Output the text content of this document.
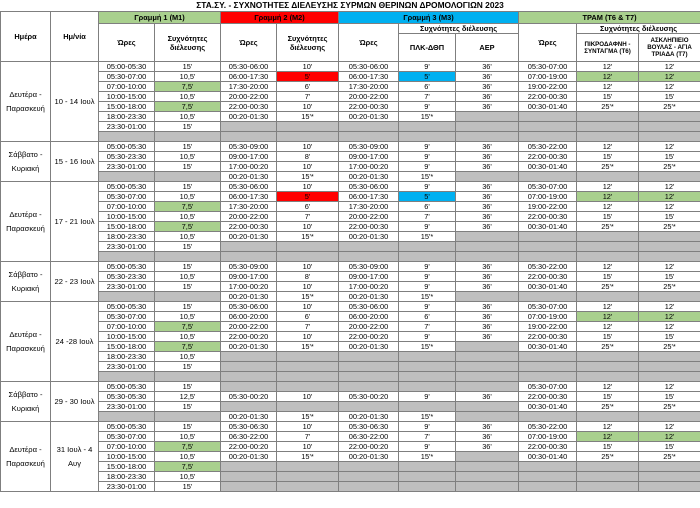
ΣΤΑ.ΣΥ. - ΣΥΧΝΟΤΗΤΕΣ ΔΙΕΛΕΥΣΗΣ ΣΥΡΜΩΝ ΘΕΡΙΝΩΝ ΔΡΟΜΟΛΟΓΙΩΝ 2023
Ημέρα	Ημ/νία	Γραμμή 1 (Μ1)		Γραμμή 2 (Μ2)		Γραμμή 3 (Μ3)			ΤΡΑΜ (Τ6 & Τ7)		
		Ώρες	Συχνότητες διέλευσης	Ώρες	Συχνότητες διέλευσης	Ώρες	Συχνότητες διέλευσης		Ώρες	Συχνότητες διέλευσης	
							ΠΛΚ-ΔΘΠ	ΑΕΡ		ΠΙΚΡΟΔΑΦΝΗ - ΣΥΝΤΑΓΜΑ (Τ6)	ΑΣΚΛΗΠΙΕΙΟ ΒΟΥΛΑΣ - ΑΓΙΑ ΤΡΙΑΔΑ (Τ7)
Δευτέρα - Παρασκευή	10 - 14 Ιουλ	05:00-05:30	15'	05:30-06:00	10'	05:30-06:00	9'	36'	05:30-07:00	12'	12'
		05:30-07:00	10,5'	06:00-17:30	5'	06:00-17:30	5'	36'	07:00-19:00	12'	12'
		07:00-10:00	7,5'	17:30-20:00	6'	17:30-20:00	6'	36'	19:00-22:00	12'	12'
		10:00-15:00	10,5'	20:00-22:00	7'	20:00-22:00	7'	36'	22:00-00:30	15'	15'
		15:00-18:00	7,5'	22:00-00:30	10'	22:00-00:30	9'	36'	00:30-01:40	25'*	25'*
		18:00-23:30	10,5'	00:20-01:30	15'*	00:20-01:30	15'*				
		23:30-01:00	15'								

Σάββατο - Κυριακή	15 - 16 Ιουλ	05:00-05:30	15'	05:30-09:00	10'	05:30-09:00	9'	36'	05:30-22:00	12'	12'
		05:30-23:30	10,5'	09:00-17:00	8'	09:00-17:00	9'	36'	22:00-00:30	15'	15'
		23:30-01:00	15'	17:00-00:20	10'	17:00-00:20	9'	36'	00:30-01:40	25'*	25'*
				00:20-01:30	15'*	00:20-01:30	15'*				
Δευτέρα - Παρασκευή	17 - 21 Ιουλ	05:00-05:30	15'	05:30-06:00	10'	05:30-06:00	9'	36'	05:30-07:00	12'	12'
		05:30-07:00	10,5'	06:00-17:30	5'	06:00-17:30	5'	36'	07:00-19:00	12'	12'
		07:00-10:00	7,5'	17:30-20:00	6'	17:30-20:00	6'	36'	19:00-22:00	12'	12'
		10:00-15:00	10,5'	20:00-22:00	7'	20:00-22:00	7'	36'	22:00-00:30	15'	15'
		15:00-18:00	7,5'	22:00-00:30	10'	22:00-00:30	9'	36'	00:30-01:40	25'*	25'*
		18:00-23:30	10,5'	00:20-01:30	15'*	00:20-01:30	15'*				
		23:30-01:00	15'								

Σάββατο - Κυριακή	22 - 23 Ιουλ	05:00-05:30	15'	05:30-09:00	10'	05:30-09:00	9'	36'	05:30-22:00	12'	12'
		05:30-23:30	10,5'	09:00-17:00	8'	09:00-17:00	9'	36'	22:00-00:30	15'	15'
		23:30-01:00	15'	17:00-00:20	10'	17:00-00:20	9'	36'	00:30-01:40	25'*	25'*
				00:20-01:30	15'*	00:20-01:30	15'*				
Δευτέρα - Παρασκευή	24 -28 Ιουλ	05:00-05:30	15'	05:30-06:00	10'	05:30-06:00	9'	36'	05:30-07:00	12'	12'
		05:30-07:00	10,5'	06:00-20:00	6'	06:00-20:00	6'	36'	07:00-19:00	12'	12'
		07:00-10:00	7,5'	20:00-22:00	7'	20:00-22:00	7'	36'	19:00-22:00	12'	12'
		10:00-15:00	10,5'	22:00-00:20	10'	22:00-00:20	9'	36'	22:00-00:30	15'	15'
		15:00-18:00	7,5'	00:20-01:30	15'*	00:20-01:30	15'*		00:30-01:40	25'*	25'*
		18:00-23:30	10,5'								
		23:30-01:00	15'								

Σάββατο - Κυριακή	29 - 30 Ιουλ	05:00-05:30	15'						05:30-07:00	12'	12'
		05:30-05:30	12,5'	05:30-00:20	10'	05:30-00:20	9'	36'	22:00-00:30	15'	15'
		23:30-01:00	15'						00:30-01:40	25'*	25'*
				00:20-01:30	15'*	00:20-01:30	15'*				
Δευτέρα - Παρασκευή	31 Ιουλ - 4 Αυγ	05:00-05:30	15'	05:30-06:30	10'	05:30-06:30	9'	36'	05:30-22:00	12'	12'
		05:30-07:00	10,5'	06:30-22:00	7'	06:30-22:00	7'	36'	07:00-19:00	12'	12'
		07:00-10:00	7,5'	22:00-00:20	10'	22:00-00:20	9'	36'	22:00-00:30	15'	15'
		10:00-15:00	10,5'	00:20-01:30	15'*	00:20-01:30	15'*		00:30-01:40	25'*	25'*
		15:00-18:00	7,5'								
		18:00-23:30	10,5'								
		23:30-01:00	15'								
